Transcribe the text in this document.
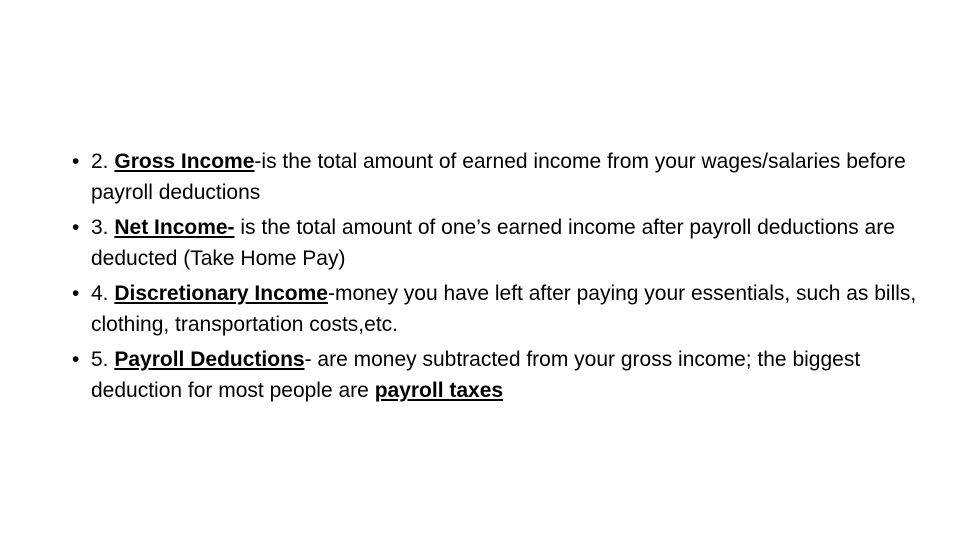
• 2. Gross Income-is the total amount of earned income from your wages/salaries before payroll deductions
• 3. Net Income- is the total amount of one’s earned income after payroll deductions are deducted (Take Home Pay)
• 4. Discretionary Income-money you have left after paying your essentials, such as bills, clothing, transportation costs,etc.
• 5. Payroll Deductions- are money subtracted from your gross income; the biggest deduction for most people are payroll taxes
